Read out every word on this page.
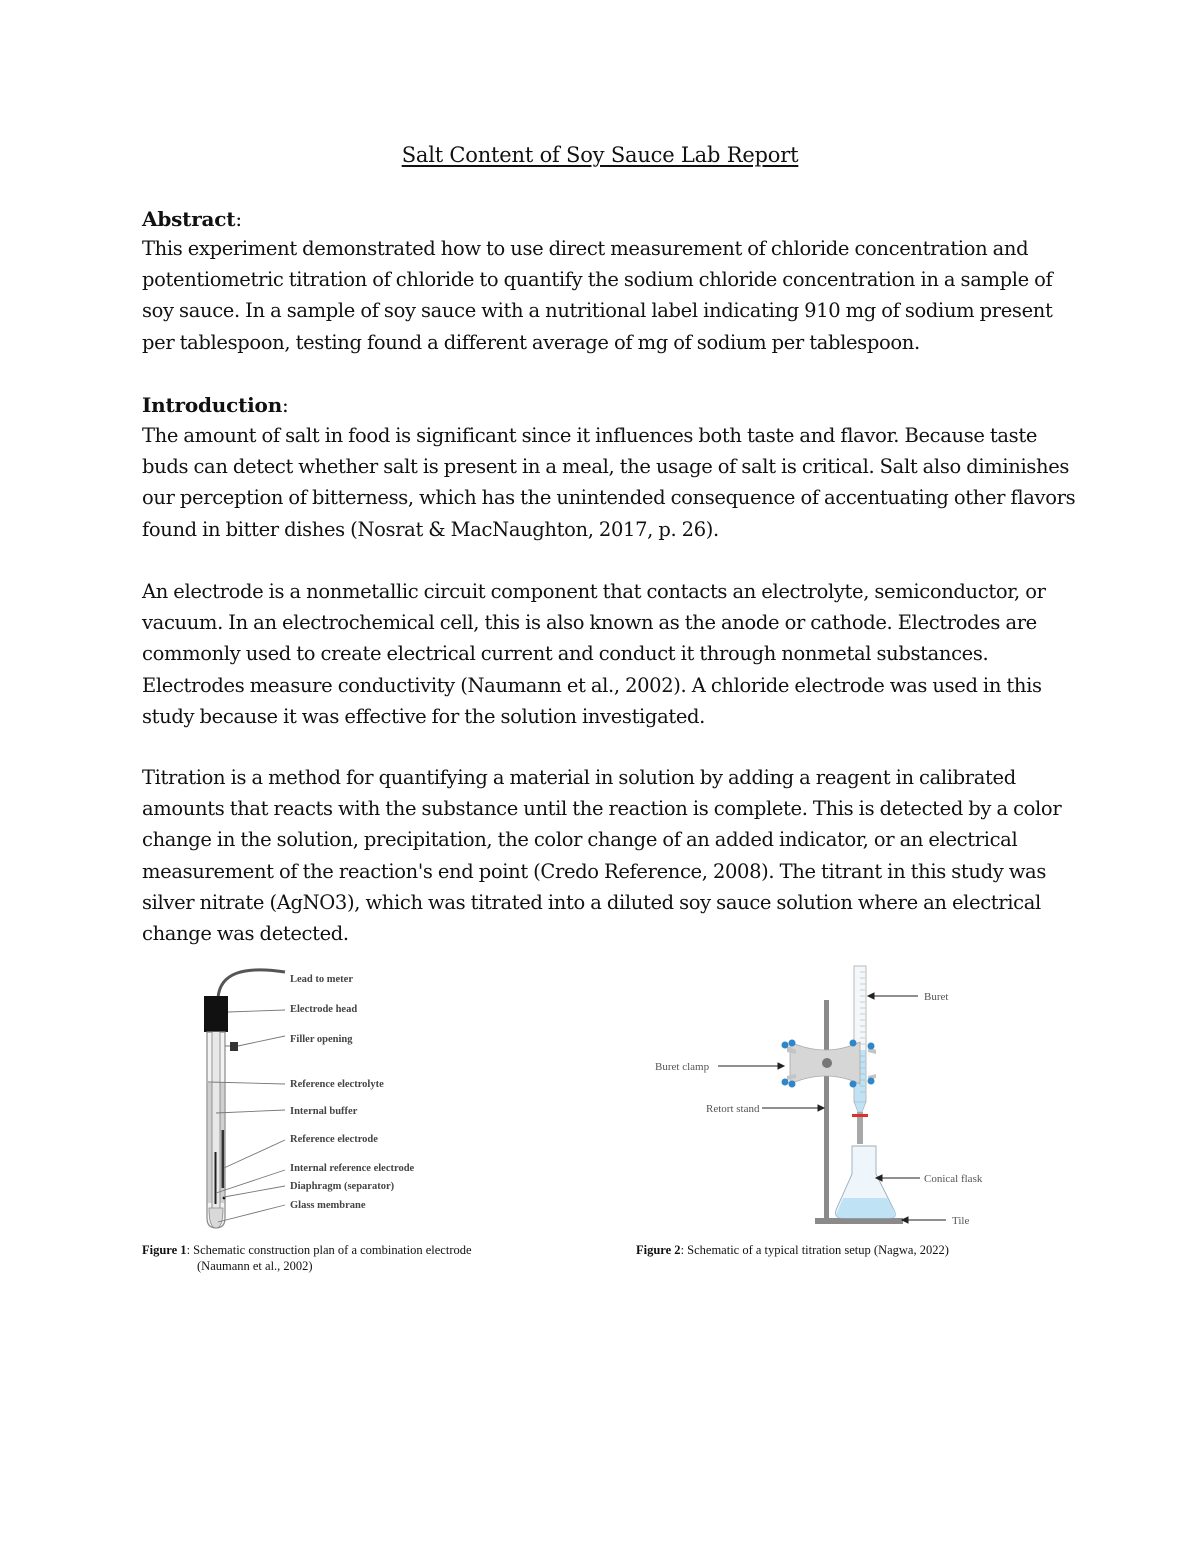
Salt Content of Soy Sauce Lab Report
Abstract:
This experiment demonstrated how to use direct measurement of chloride concentration and
potentiometric titration of chloride to quantify the sodium chloride concentration in a sample of
soy sauce. In a sample of soy sauce with a nutritional label indicating 910 mg of sodium present
per tablespoon, testing found a different average of mg of sodium per tablespoon.
Introduction:
The amount of salt in food is significant since it influences both taste and flavor. Because taste
buds can detect whether salt is present in a meal, the usage of salt is critical. Salt also diminishes
our perception of bitterness, which has the unintended consequence of accentuating other flavors
found in bitter dishes (Nosrat & MacNaughton, 2017, p. 26).
An electrode is a nonmetallic circuit component that contacts an electrolyte, semiconductor, or
vacuum. In an electrochemical cell, this is also known as the anode or cathode. Electrodes are
commonly used to create electrical current and conduct it through nonmetal substances.
Electrodes measure conductivity (Naumann et al., 2002). A chloride electrode was used in this
study because it was effective for the solution investigated.
Titration is a method for quantifying a material in solution by adding a reagent in calibrated
amounts that reacts with the substance until the reaction is complete. This is detected by a color
change in the solution, precipitation, the color change of an added indicator, or an electrical
measurement of the reaction's end point (Credo Reference, 2008). The titrant in this study was
silver nitrate (AgNO3), which was titrated into a diluted soy sauce solution where an electrical
change was detected.
Lead to meter
Electrode head
Filler opening
Reference electrolyte
Internal buffer
Reference electrode
Internal reference electrode
Diaphragm (separator)
Glass membrane
Figure 1: Schematic construction plan of a combination electrode
(Naumann et al., 2002)
Buret
Buret clamp
Retort stand
Conical flask
Tile
Figure 2: Schematic of a typical titration setup (Nagwa, 2022)
